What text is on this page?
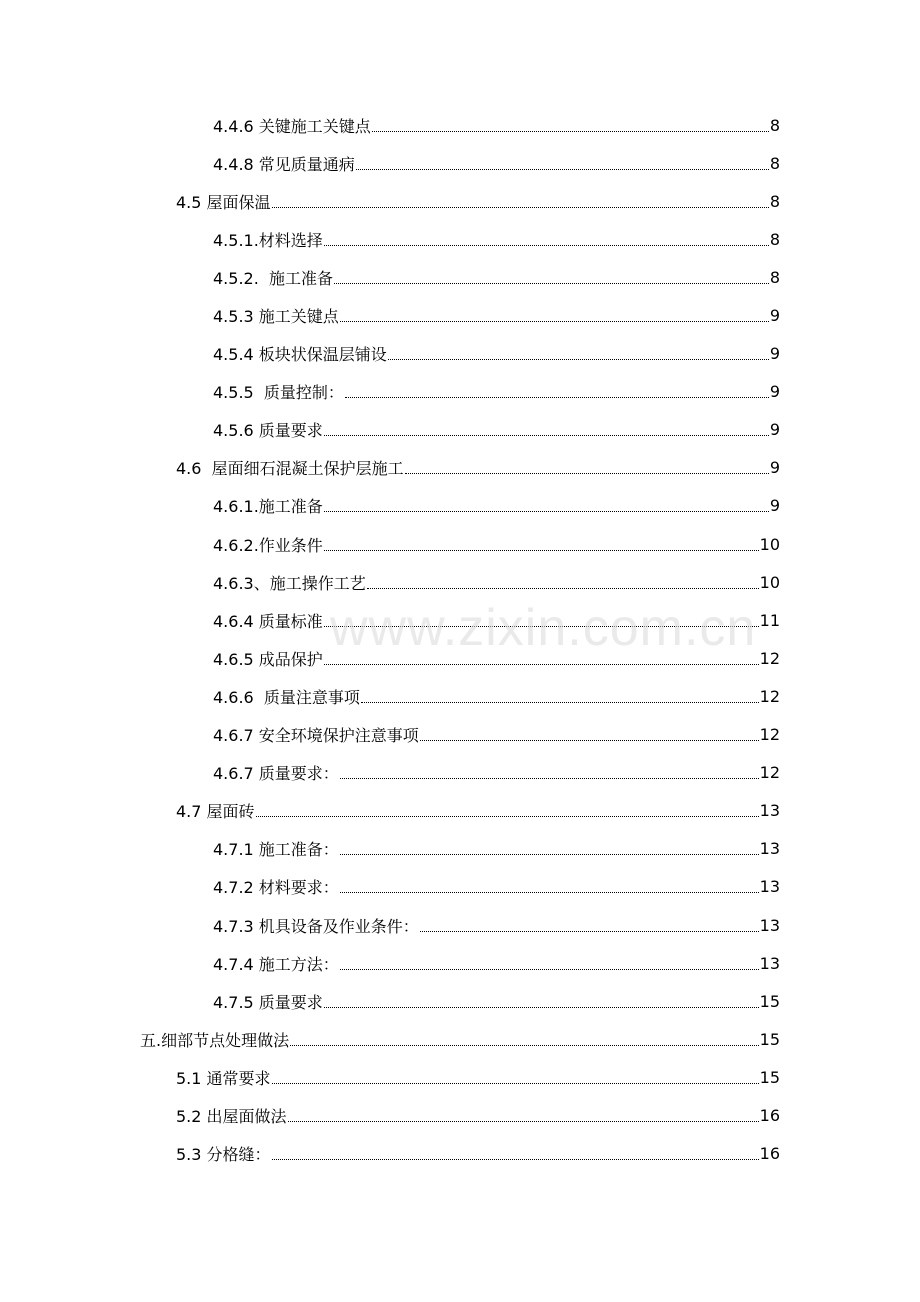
4.4.6 关键施工关键点	8
4.4.8 常见质量通病	8
4.5 屋面保温	8
4.5.1.材料选择	8
4.5.2.  施工准备	8
4.5.3 施工关键点	9
4.5.4 板块状保温层铺设	9
4.5.5  质量控制：	9
4.5.6 质量要求	9
4.6  屋面细石混凝土保护层施工	9
4.6.1.施工准备	9
4.6.2.作业条件	10
4.6.3、施工操作工艺	10
4.6.4 质量标准	11
4.6.5 成品保护	12
4.6.6  质量注意事项	12
4.6.7 安全环境保护注意事项	12
4.6.7 质量要求：	12
4.7 屋面砖	13
4.7.1 施工准备：	13
4.7.2 材料要求：	13
4.7.3 机具设备及作业条件：	13
4.7.4 施工方法：	13
4.7.5 质量要求	15
五.细部节点处理做法	15
5.1 通常要求	15
5.2 出屋面做法	16
5.3 分格缝：	16
www.zixin.com.cn
